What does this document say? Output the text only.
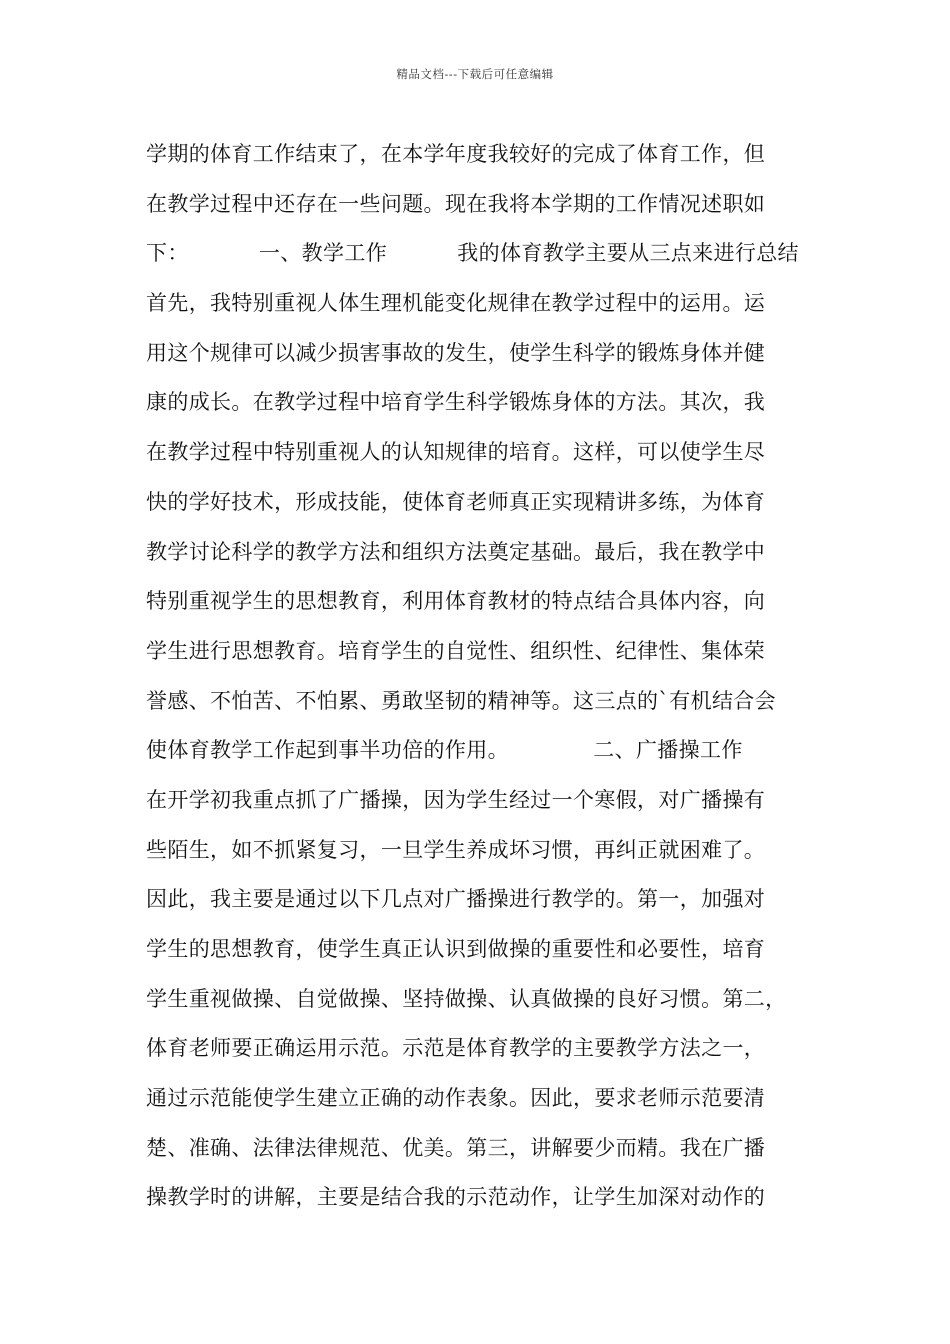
精品文档---下载后可任意编辑
学期的体育工作结束了，在本学年度我较好的完成了体育工作，但
在教学过程中还存在一些问题。现在我将本学期的工作情况述职如
下：          一、教学工作          我的体育教学主要从三点来进行总结
首先，我特别重视人体生理机能变化规律在教学过程中的运用。运
用这个规律可以减少损害事故的发生，使学生科学的锻炼身体并健
康的成长。在教学过程中培育学生科学锻炼身体的方法。其次，我
在教学过程中特别重视人的认知规律的培育。这样，可以使学生尽
快的学好技术，形成技能，使体育老师真正实现精讲多练，为体育
教学讨论科学的教学方法和组织方法奠定基础。最后，我在教学中
特别重视学生的思想教育，利用体育教材的特点结合具体内容，向
学生进行思想教育。培育学生的自觉性、组织性、纪律性、集体荣
誉感、不怕苦、不怕累、勇敢坚韧的精神等。这三点的`有机结合会
使体育教学工作起到事半功倍的作用。            二、广播操工作
在开学初我重点抓了广播操，因为学生经过一个寒假，对广播操有
些陌生，如不抓紧复习，一旦学生养成坏习惯，再纠正就困难了。
因此，我主要是通过以下几点对广播操进行教学的。第一，加强对
学生的思想教育，使学生真正认识到做操的重要性和必要性，培育
学生重视做操、自觉做操、坚持做操、认真做操的良好习惯。第二，
体育老师要正确运用示范。示范是体育教学的主要教学方法之一，
通过示范能使学生建立正确的动作表象。因此，要求老师示范要清
楚、准确、法律法律规范、优美。第三，讲解要少而精。我在广播
操教学时的讲解，主要是结合我的示范动作，让学生加深对动作的
